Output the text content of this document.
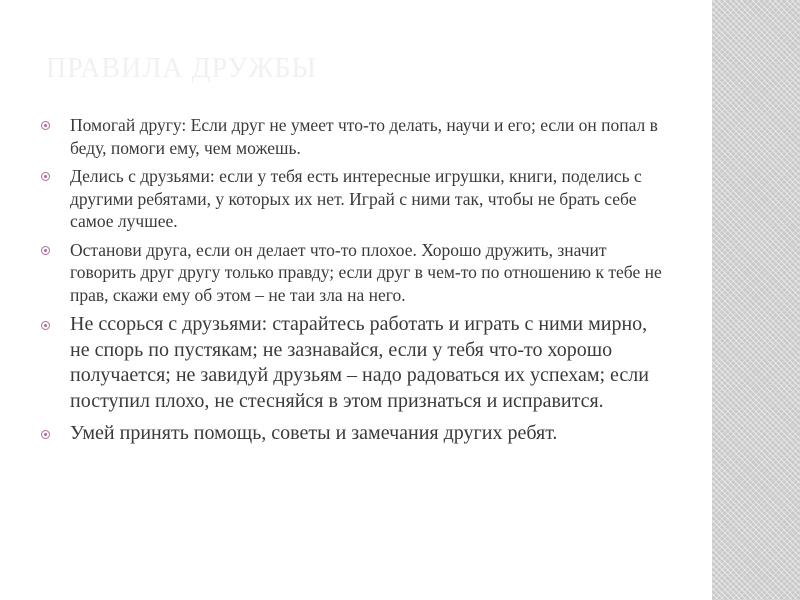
ПРАВИЛА ДРУЖБЫ
Помогай другу: Если друг не умеет что-то делать, научи и его; если он попал в беду, помоги ему, чем можешь.
Делись с друзьями: если у тебя есть интересные игрушки, книги, поделись с другими ребятами, у которых их нет. Играй с ними так, чтобы не брать себе самое лучшее.
Останови друга, если он делает что-то плохое. Хорошо дружить, значит говорить друг другу только правду; если друг в чем-то по отношению к тебе не прав, скажи ему об этом – не таи зла на него.
Не ссорься с друзьями: старайтесь работать и играть с ними мирно, не спорь по пустякам; не зазнавайся, если у тебя что-то хорошо получается; не завидуй друзьям – надо радоваться их успехам; если поступил плохо, не стесняйся в этом признаться и исправится.
Умей принять помощь, советы и замечания других ребят.
